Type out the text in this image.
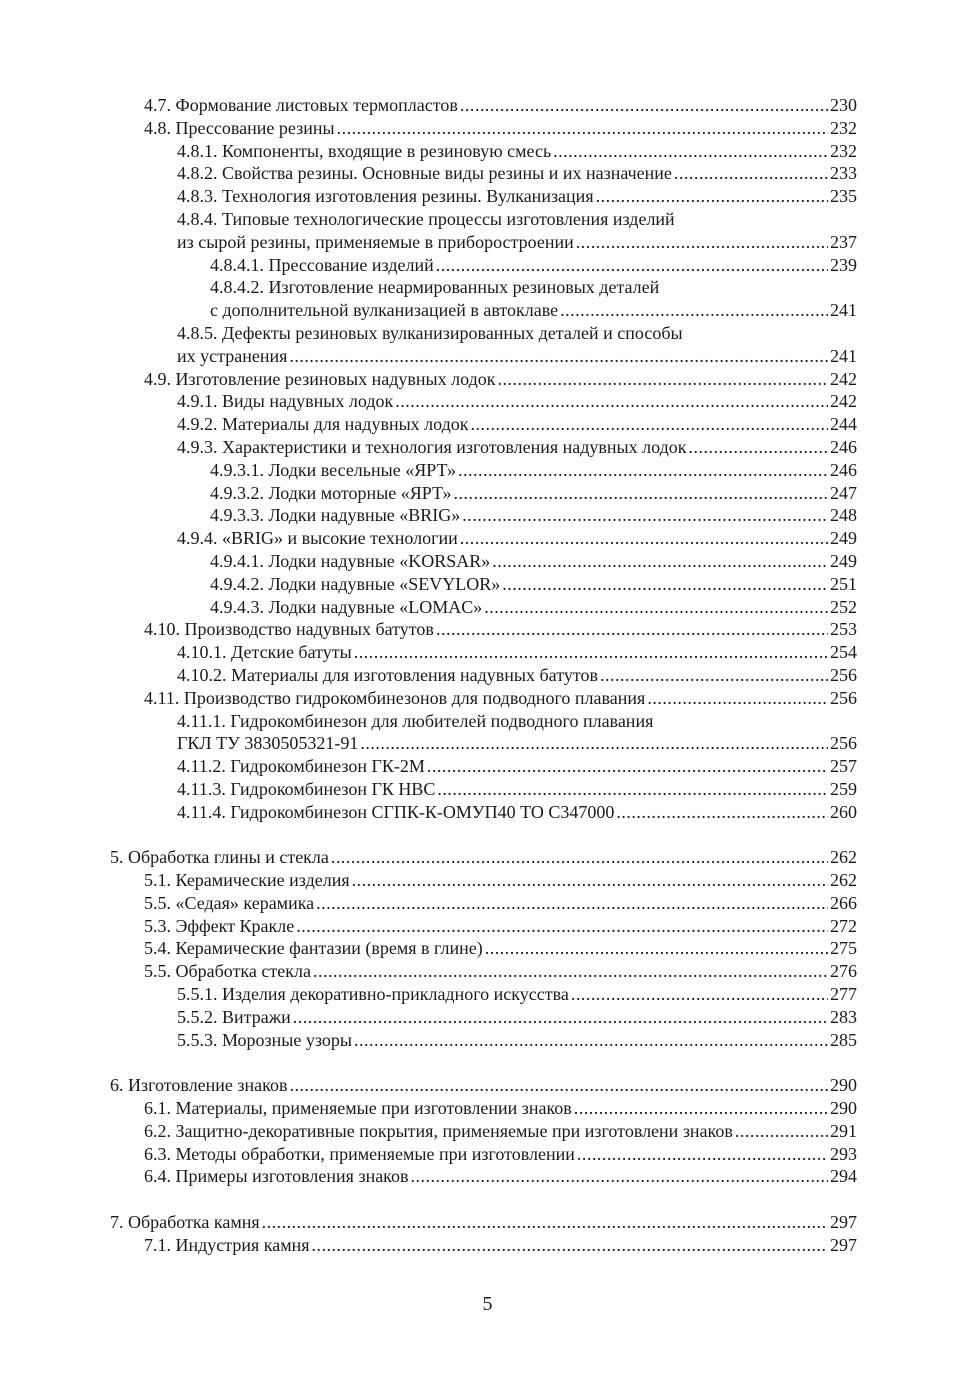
4.7. Формование листовых термопластов .....	230
4.8. Прессование резины .....	232
4.8.1. Компоненты, входящие в резиновую смесь .....	232
4.8.2. Свойства резины. Основные виды резины и их назначение .....	233
4.8.3. Технология изготовления резины. Вулканизация .....	235
4.8.4. Типовые технологические процессы изготовления изделий
из сырой резины, применяемые в приборостроении .....	237
4.8.4.1. Прессование изделий .....	239
4.8.4.2. Изготовление неармированных резиновых деталей
с дополнительной вулканизацией в автоклаве .....	241
4.8.5. Дефекты резиновых вулканизированных деталей и способы
их устранения .....	241
4.9. Изготовление резиновых надувных лодок .....	242
4.9.1. Виды надувных лодок .....	242
4.9.2. Материалы для надувных лодок .....	244
4.9.3. Характеристики и технология изготовления надувных лодок .....	246
4.9.3.1. Лодки весельные «ЯРТ» .....	246
4.9.3.2. Лодки моторные «ЯРТ» .....	247
4.9.3.3. Лодки надувные «BRIG» .....	248
4.9.4. «BRIG» и высокие технологии .....	249
4.9.4.1. Лодки надувные «KORSAR» .....	249
4.9.4.2. Лодки надувные «SEVYLOR» .....	251
4.9.4.3. Лодки надувные «LOMAC» .....	252
4.10. Производство надувных батутов .....	253
4.10.1. Детские батуты .....	254
4.10.2. Материалы для изготовления надувных батутов .....	256
4.11. Производство гидрокомбинезонов для подводного плавания .....	256
4.11.1. Гидрокомбинезон для любителей подводного плавания
ГКЛ ТУ 3830505321-91 .....	256
4.11.2. Гидрокомбинезон ГК-2М .....	257
4.11.3. Гидрокомбинезон ГК НВС .....	259
4.11.4. Гидрокомбинезон СГПК-К-ОМУП40 ТО С347000 .....	260
5. Обработка глины и стекла .....	262
5.1. Керамические изделия .....	262
5.5. «Седая» керамика .....	266
5.3. Эффект Кракле .....	272
5.4. Керамические фантазии (время в глине) .....	275
5.5. Обработка стекла .....	276
5.5.1. Изделия декоративно-прикладного искусства .....	277
5.5.2. Витражи .....	283
5.5.3. Морозные узоры .....	285
6. Изготовление знаков .....	290
6.1. Материалы, применяемые при изготовлении знаков .....	290
6.2. Защитно-декоративные покрытия, применяемые при изготовлени знаков .....	291
6.3. Методы обработки, применяемые при изготовлении .....	293
6.4. Примеры изготовления знаков .....	294
7. Обработка камня .....	297
7.1. Индустрия камня .....	297
5
